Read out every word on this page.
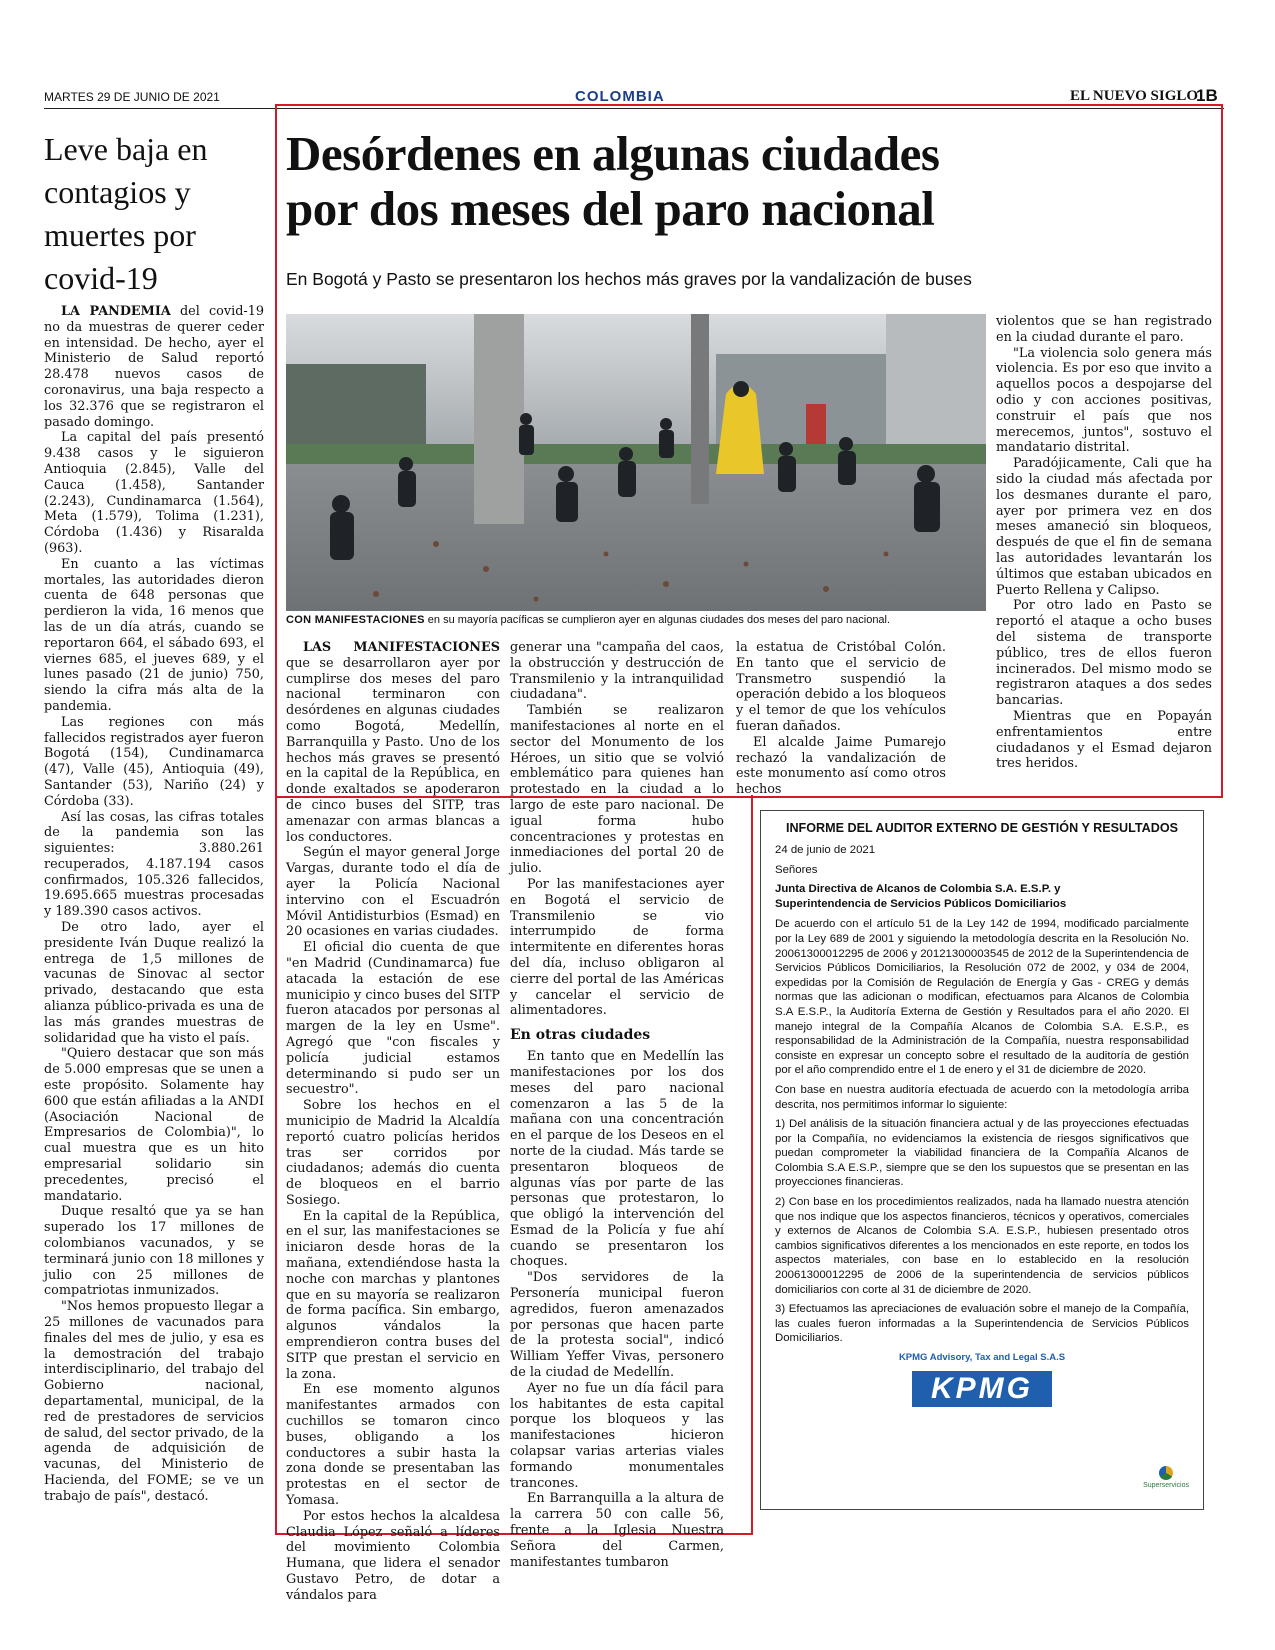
MARTES 29 DE JUNIO DE 2021	COLOMBIA	EL NUEVO SIGLO
1B
Leve baja en contagios y muertes por covid-19

LA PANDEMIA del covid-19 no da muestras de querer ceder en intensidad. De hecho, ayer el Ministerio de Salud reportó 28.478 nuevos casos de coronavirus, una baja respecto a los 32.376 que se registraron el pasado domingo.

La capital del país presentó 9.438 casos y le siguieron Antioquia (2.845), Valle del Cauca (1.458), Santander (2.243), Cundinamarca (1.564), Meta (1.579), Tolima (1.231), Córdoba (1.436) y Risaralda (963).

En cuanto a las víctimas mortales, las autoridades dieron cuenta de 648 personas que perdieron la vida, 16 menos que las de un día atrás, cuando se reportaron 664, el sábado 693, el viernes 685, el jueves 689, y el lunes pasado (21 de junio) 750, siendo la cifra más alta de la pandemia.

Las regiones con más fallecidos registrados ayer fueron Bogotá (154), Cundinamarca (47), Valle (45), Antioquia (49), Santander (53), Nariño (24) y Córdoba (33).

Así las cosas, las cifras totales de la pandemia son las siguientes: 3.880.261 recuperados, 4.187.194 casos confirmados, 105.326 fallecidos, 19.695.665 muestras procesadas y 189.390 casos activos.

De otro lado, ayer el presidente Iván Duque realizó la entrega de 1,5 millones de vacunas de Sinovac al sector privado, destacando que esta alianza público-privada es una de las más grandes muestras de solidaridad que ha visto el país.

"Quiero destacar que son más de 5.000 empresas que se unen a este propósito. Solamente hay 600 que están afiliadas a la ANDI (Asociación Nacional de Empresarios de Colombia)", lo cual muestra que es un hito empresarial solidario sin precedentes, precisó el mandatario.

Duque resaltó que ya se han superado los 17 millones de colombianos vacunados, y se terminará junio con 18 millones y julio con 25 millones de compatriotas inmunizados.

"Nos hemos propuesto llegar a 25 millones de vacunados para finales del mes de julio, y esa es la demostración del trabajo interdisciplinario, del trabajo del Gobierno nacional, departamental, municipal, de la red de prestadores de servicios de salud, del sector privado, de la agenda de adquisición de vacunas, del Ministerio de Hacienda, del FOME; se ve un trabajo de país", destacó.

Desórdenes en algunas ciudades
por dos meses del paro nacional
En Bogotá y Pasto se presentaron los hechos más graves por la vandalización de buses
CON MANIFESTACIONES en su mayoría pacíficas se cumplieron ayer en algunas ciudades dos meses del paro nacional.

LAS MANIFESTACIONES que se desarrollaron ayer por cumplirse dos meses del paro nacional terminaron con desórdenes en algunas ciudades como Bogotá, Medellín, Barranquilla y Pasto. Uno de los hechos más graves se presentó en la capital de la República, en donde exaltados se apoderaron de cinco buses del SITP, tras amenazar con armas blancas a los conductores.

Según el mayor general Jorge Vargas, durante todo el día de ayer la Policía Nacional intervino con el Escuadrón Móvil Antidisturbios (Esmad) en 20 ocasiones en varias ciudades.

El oficial dio cuenta de que "en Madrid (Cundinamarca) fue atacada la estación de ese municipio y cinco buses del SITP fueron atacados por personas al margen de la ley en Usme". Agregó que "con fiscales y policía judicial estamos determinando si pudo ser un secuestro".

Sobre los hechos en el municipio de Madrid la Alcaldía reportó cuatro policías heridos tras ser corridos por ciudadanos; además dio cuenta de bloqueos en el barrio Sosiego.

En la capital de la República, en el sur, las manifestaciones se iniciaron desde horas de la mañana, extendiéndose hasta la noche con marchas y plantones que en su mayoría se realizaron de forma pacífica. Sin embargo, algunos vándalos la emprendieron contra buses del SITP que prestan el servicio en la zona.

En ese momento algunos manifestantes armados con cuchillos se tomaron cinco buses, obligando a los conductores a subir hasta la zona donde se presentaban las protestas en el sector de Yomasa.

Por estos hechos la alcaldesa Claudia López señaló a líderes del movimiento Colombia Humana, que lidera el senador Gustavo Petro, de dotar a vándalos para

generar una "campaña del caos, la obstrucción y destrucción de Transmilenio y la intranquilidad ciudadana".

También se realizaron manifestaciones al norte en el sector del Monumento de los Héroes, un sitio que se volvió emblemático para quienes han protestado en la ciudad a lo largo de este paro nacional. De igual forma hubo concentraciones y protestas en inmediaciones del portal 20 de julio.

Por las manifestaciones ayer en Bogotá el servicio de Transmilenio se vio interrumpido de forma intermitente en diferentes horas del día, incluso obligaron al cierre del portal de las Américas y cancelar el servicio de alimentadores.

En otras ciudades

En tanto que en Medellín las manifestaciones por los dos meses del paro nacional comenzaron a las 5 de la mañana con una concentración en el parque de los Deseos en el norte de la ciudad. Más tarde se presentaron bloqueos de algunas vías por parte de las personas que protestaron, lo que obligó la intervención del Esmad de la Policía y fue ahí cuando se presentaron los choques.

"Dos servidores de la Personería municipal fueron agredidos, fueron amenazados por personas que hacen parte de la protesta social", indicó William Yeffer Vivas, personero de la ciudad de Medellín.

Ayer no fue un día fácil para los habitantes de esta capital porque los bloqueos y las manifestaciones hicieron colapsar varias arterias viales formando monumentales trancones.

En Barranquilla a la altura de la carrera 50 con calle 56, frente a la Iglesia Nuestra Señora del Carmen, manifestantes tumbaron

la estatua de Cristóbal Colón. En tanto que el servicio de Transmetro suspendió la operación debido a los bloqueos y el temor de que los vehículos fueran dañados.

El alcalde Jaime Pumarejo rechazó la vandalización de este monumento así como otros hechos

violentos que se han registrado en la ciudad durante el paro.

"La violencia solo genera más violencia. Es por eso que invito a aquellos pocos a despojarse del odio y con acciones positivas, construir el país que nos merecemos, juntos", sostuvo el mandatario distrital.

Paradójicamente, Cali que ha sido la ciudad más afectada por los desmanes durante el paro, ayer por primera vez en dos meses amaneció sin bloqueos, después de que el fin de semana las autoridades levantarán los últimos que estaban ubicados en Puerto Rellena y Calipso.

Por otro lado en Pasto se reportó el ataque a ocho buses del sistema de transporte público, tres de ellos fueron incinerados. Del mismo modo se registraron ataques a dos sedes bancarias.

Mientras que en Popayán enfrentamientos entre ciudadanos y el Esmad dejaron tres heridos.

INFORME DEL AUDITOR EXTERNO DE GESTIÓN Y RESULTADOS

24 de junio de 2021

Señores

Junta Directiva de Alcanos de Colombia S.A. E.S.P. y
Superintendencia de Servicios Públicos Domiciliarios

De acuerdo con el artículo 51 de la Ley 142 de 1994, modificado parcialmente por la Ley 689 de 2001 y siguiendo la metodología descrita en la Resolución No. 20061300012295 de 2006 y 20121300003545 de 2012 de la Superintendencia de Servicios Públicos Domiciliarios, la Resolución 072 de 2002, y 034 de 2004, expedidas por la Comisión de Regulación de Energía y Gas - CREG y demás normas que las adicionan o modifican, efectuamos para Alcanos de Colombia S.A E.S.P., la Auditoría Externa de Gestión y Resultados para el año 2020. El manejo integral de la Compañía Alcanos de Colombia S.A. E.S.P., es responsabilidad de la Administración de la Compañía, nuestra responsabilidad consiste en expresar un concepto sobre el resultado de la auditoría de gestión por el año comprendido entre el 1 de enero y el 31 de diciembre de 2020.

Con base en nuestra auditoría efectuada de acuerdo con la metodología arriba descrita, nos permitimos informar lo siguiente:

1) Del análisis de la situación financiera actual y de las proyecciones efectuadas por la Compañía, no evidenciamos la existencia de riesgos significativos que puedan comprometer la viabilidad financiera de la Compañía Alcanos de Colombia S.A E.S.P., siempre que se den los supuestos que se presentan en las proyecciones financieras.

2) Con base en los procedimientos realizados, nada ha llamado nuestra atención que nos indique que los aspectos financieros, técnicos y operativos, comerciales y externos de Alcanos de Colombia S.A. E.S.P., hubiesen presentado otros cambios significativos diferentes a los mencionados en este reporte, en todos los aspectos materiales, con base en lo establecido en la resolución 20061300012295 de 2006 de la superintendencia de servicios públicos domiciliarios con corte al 31 de diciembre de 2020.

3) Efectuamos las apreciaciones de evaluación sobre el manejo de la Compañía, las cuales fueron informadas a la Superintendencia de Servicios Públicos Domiciliarios.

KPMG Advisory, Tax and Legal S.A.S
KPMG
Superservicios
